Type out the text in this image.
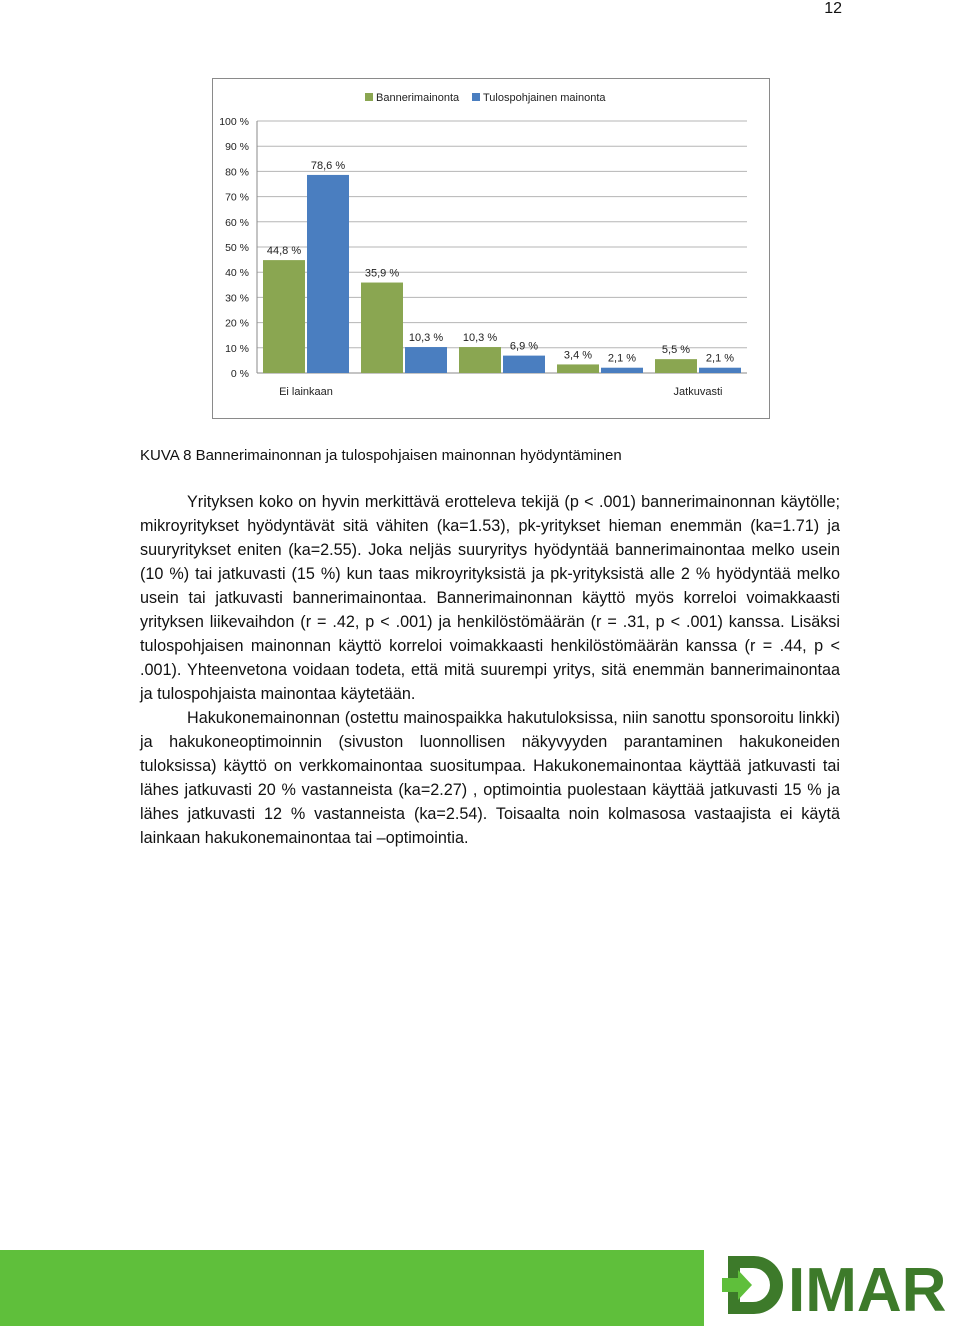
12
0 %
10 %
20 %
30 %
40 %
50 %
60 %
70 %
80 %
90 %
100 %
44,8 %
35,9 %
10,3 %
3,4 %	5,5 %
78,6 %
10,3 %
6,9 %
2,1 %	2,1 %
Ei lainkaan	Jatkuvasti
Bannerimainonta Tulospohjainen mainonta
KUVA 8 Bannerimainonnan ja tulospohjaisen mainonnan hyödyntäminen

Yrityksen koko on hyvin merkittävä erotteleva tekijä (p < .001) bannerimainonnan käytölle; mikroyritykset hyödyntävät sitä vähiten (ka=1.53), pk-yritykset hieman enemmän (ka=1.71) ja suuryritykset eniten (ka=2.55). Joka neljäs suuryritys hyödyntää bannerimainontaa melko usein (10 %) tai jatkuvasti (15 %) kun taas mikroyrityksistä ja pk-yrityksistä alle 2 % hyödyntää melko usein tai jatkuvasti bannerimainontaa. Bannerimainonnan käyttö myös korreloi voimakkaasti yrityksen liikevaihdon (r = .42, p < .001) ja henkilöstömäärän (r = .31, p < .001) kanssa. Lisäksi tulospohjaisen mainonnan käyttö korreloi voimakkaasti henkilöstömäärän kanssa (r = .44, p < .001). Yhteenvetona voidaan todeta, että mitä suurempi yritys, sitä enemmän bannerimainontaa ja tulospohjaista mainontaa käytetään.

Hakukonemainonnan (ostettu mainospaikka hakutuloksissa, niin sanottu sponsoroitu linkki) ja hakukoneoptimoinnin (sivuston luonnollisen näkyvyyden parantaminen hakukoneiden tuloksissa) käyttö on verkkomainontaa suositumpaa. Hakukonemainontaa käyttää jatkuvasti tai lähes jatkuvasti 20 % vastanneista (ka=2.27) , optimointia puolestaan käyttää jatkuvasti 15 % ja lähes jatkuvasti 12 % vastanneista (ka=2.54). Toisaalta noin kolmasosa vastaajista ei käytä lainkaan hakukonemainontaa tai –optimointia.

IMAR
